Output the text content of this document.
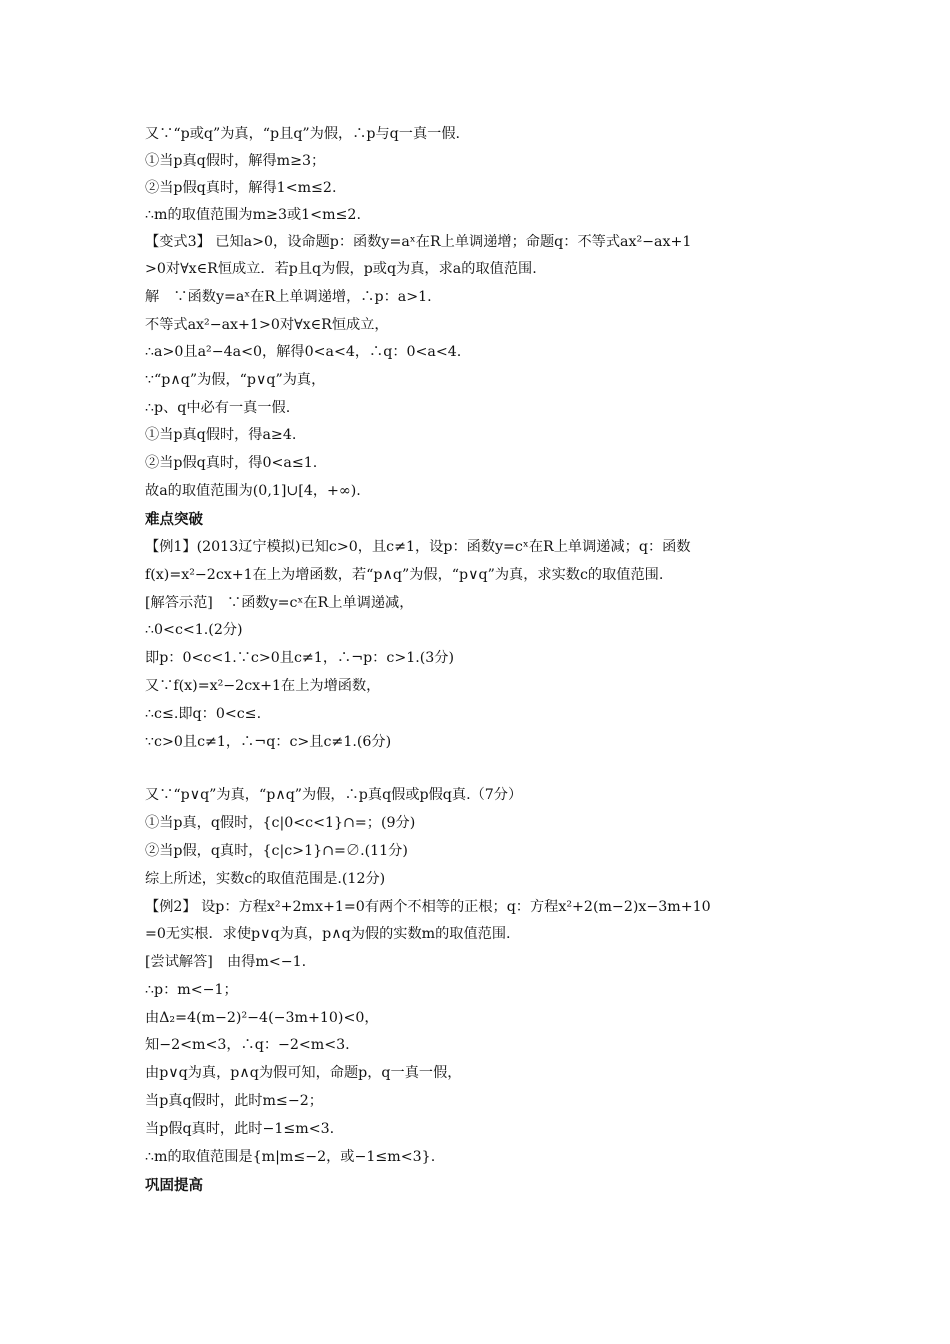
又∵“p或q”为真，“p且q”为假，∴p与q一真一假.
①当p真q假时，解得m≥3；
②当p假q真时，解得1<m≤2.
∴m的取值范围为m≥3或1<m≤2.
【变式3】 已知a>0，设命题p：函数y=aˣ在R上单调递增；命题q：不等式ax²−ax+1
>0对∀x∈R恒成立．若p且q为假，p或q为真，求a的取值范围.
解　∵函数y=aˣ在R上单调递增，∴p：a>1.
不等式ax²−ax+1>0对∀x∈R恒成立，
∴a>0且a²−4a<0，解得0<a<4，∴q：0<a<4.
∵“p∧q”为假，“p∨q”为真，
∴p、q中必有一真一假.
①当p真q假时，得a≥4.
②当p假q真时，得0<a≤1.
故a的取值范围为(0,1]∪[4，+∞).
难点突破
【例1】(2013辽宁模拟)已知c>0，且c≠1，设p：函数y=cˣ在R上单调递减；q：函数
f(x)=x²−2cx+1在上为增函数，若“p∧q”为假，“p∨q”为真，求实数c的取值范围.
[解答示范]　∵函数y=cˣ在R上单调递减，
∴0<c<1.(2分)
即p：0<c<1.∵c>0且c≠1，∴¬p：c>1.(3分)
又∵f(x)=x²−2cx+1在上为增函数，
∴c≤.即q：0<c≤.
∵c>0且c≠1，∴¬q：c>且c≠1.(6分)
又∵“p∨q”为真，“p∧q”为假，∴p真q假或p假q真.（7分）
①当p真，q假时，{c|0<c<1}∩=；(9分)
②当p假，q真时，{c|c>1}∩=∅.(11分)
综上所述，实数c的取值范围是.(12分)
【例2】 设p：方程x²+2mx+1=0有两个不相等的正根；q：方程x²+2(m−2)x−3m+10
=0无实根．求使p∨q为真，p∧q为假的实数m的取值范围.
[尝试解答]　由得m<−1.
∴p：m<−1；
由Δ₂=4(m−2)²−4(−3m+10)<0，
知−2<m<3，∴q：−2<m<3.
由p∨q为真，p∧q为假可知，命题p，q一真一假，
当p真q假时，此时m≤−2；
当p假q真时，此时−1≤m<3.
∴m的取值范围是{m|m≤−2，或−1≤m<3}.
巩固提高
